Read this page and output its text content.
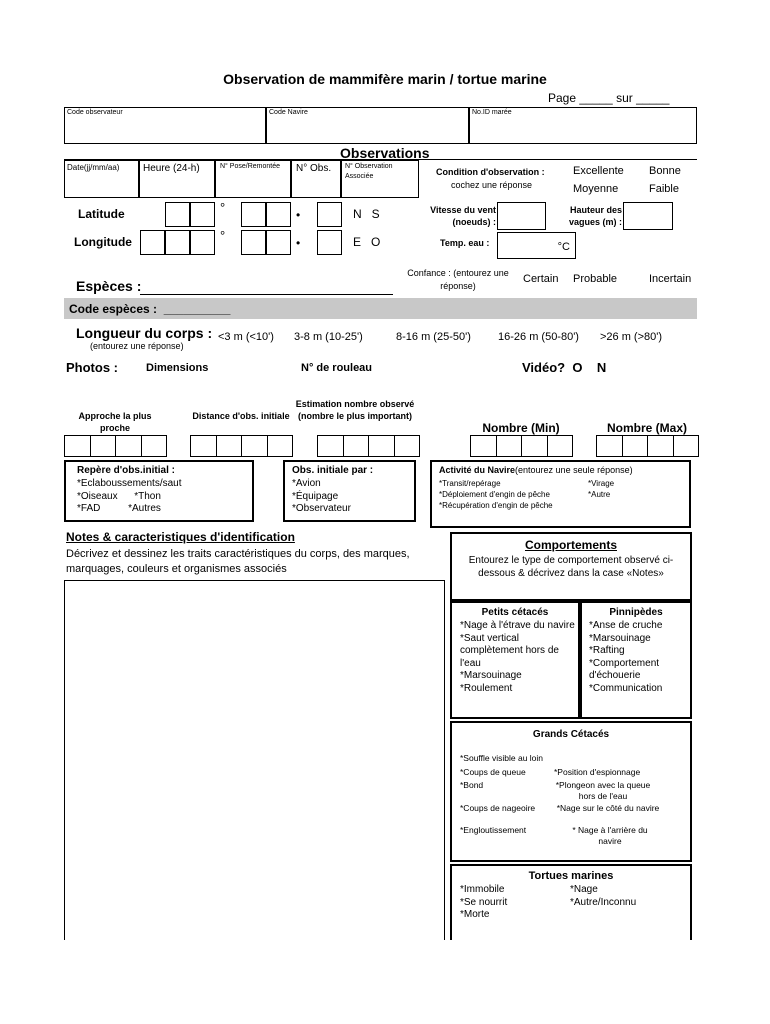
Observation de mammifère marin / tortue marine
Page _____ sur _____
Code observateur	Code Navire	No.ID marée
Observations
Date(jj/mm/aa) Heure (24-h)	N° Pose/Remontée N° Obs. N° Observation Associée	Condition d'observation :
cochez une réponse
Excellente Bonne
Moyenne	Faible
Latitude	°	•	N   S
Longitude	°	•	E   O
Vitesse du vent (noeuds) :
Hauteur des vagues (m) :
Temp. eau :	°C
Espèces :
Confance : (entourez une réponse)
Certain Probable	Incertain
Code espèces :  __________
Longueur du corps :
(entourez une réponse)
<3 m (<10') 3-8 m (10-25')	8-16 m (25-50') 16-26 m (50-80') >26 m (>80')
Photos :	Dimensions	N° de rouleau	Vidéo?  O    N
Approche la plus proche
Distance d'obs. initiale
Estimation nombre observé (nombre le plus important)
Nombre (Min)	Nombre (Max)
Repère d'obs.initial :
*Eclaboussements/saut
*Oiseaux      *Thon
*FAD          *Autres
Obs. initiale par :
*Avion
*Équipage
*Observateur
Activité du Navire(entourez une seule réponse)
*Transit/repérage
*Déploiement d'engin de pêche
*Récupération d'engin de pêche
*Virage
*Autre
Notes & caracteristiques d'identification
Décrivez et dessinez les traits caractéristiques du corps, des marques, marquages, couleurs et organismes associés
Comportements
Entourez le type de comportement observé ci-dessous & décrivez dans la case «Notes»
Petits cétacés
*Nage à l'étrave du navire
*Saut vertical complètement hors de l'eau
*Marsouinage
*Roulement
Pinnipèdes
*Anse de cruche
*Marsouinage
*Rafting
*Comportement d'échouerie
*Communication
Grands Cétacés
*Souffle visible au loin
*Coups de queue	*Position d'espionnage
*Bond	*Plongeon avec la queue hors de l'eau
*Coups de nageoire	*Nage sur le côté du navire
*Engloutissement	* Nage à l'arrière du navire
Tortues marines
*Immobile
*Se nourrit
*Morte
*Nage
*Autre/Inconnu
